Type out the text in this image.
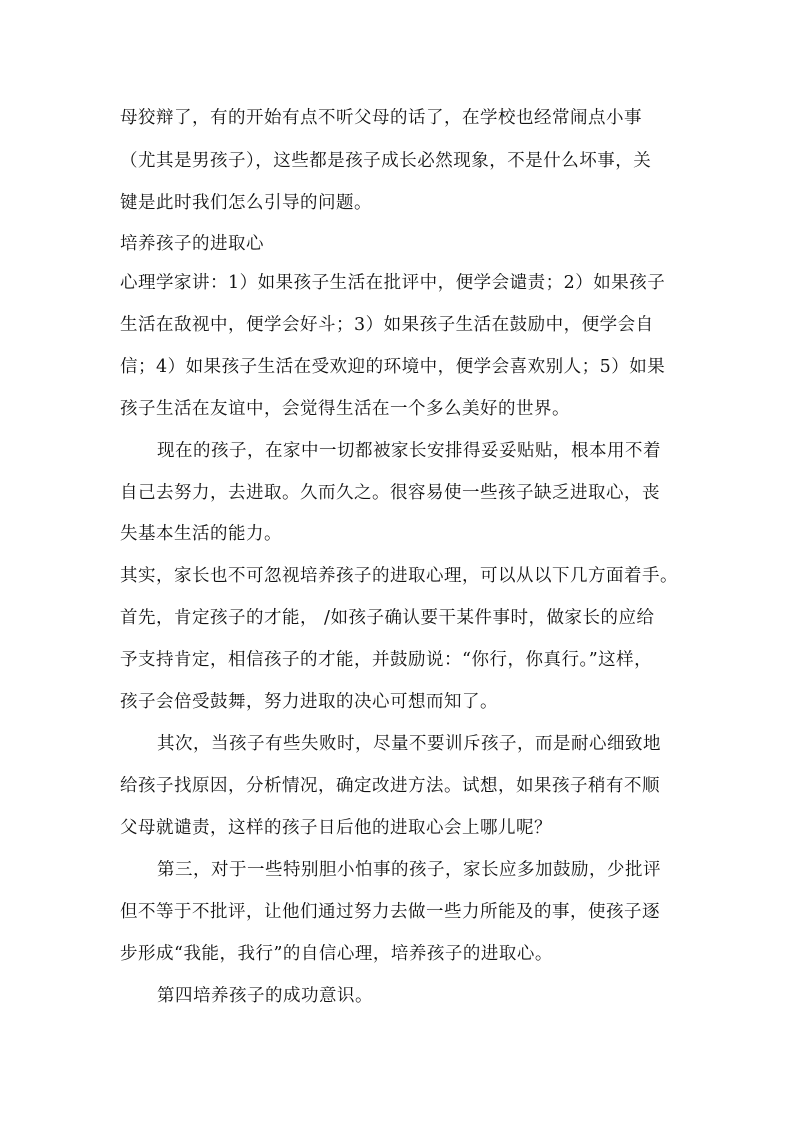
母狡辩了，有的开始有点不听父母的话了，在学校也经常闹点小事
（尤其是男孩子），这些都是孩子成长必然现象，不是什么坏事，关
键是此时我们怎么引导的问题。
培养孩子的进取心
心理学家讲：1）如果孩子生活在批评中，便学会谴责；2）如果孩子
生活在敌视中，便学会好斗；3）如果孩子生活在鼓励中，便学会自
信；4）如果孩子生活在受欢迎的环境中，便学会喜欢别人；5）如果
孩子生活在友谊中，会觉得生活在一个多么美好的世界。
现在的孩子，在家中一切都被家长安排得妥妥贴贴，根本用不着
自己去努力，去进取。久而久之。很容易使一些孩子缺乏进取心，丧
失基本生活的能力。
其实，家长也不可忽视培养孩子的进取心理，可以从以下几方面着手。
首先，肯定孩子的才能， /如孩子确认要干某件事时，做家长的应给
予支持肯定，相信孩子的才能，并鼓励说：“你行，你真行。”这样，
孩子会倍受鼓舞，努力进取的决心可想而知了。
其次，当孩子有些失败时，尽量不要训斥孩子，而是耐心细致地
给孩子找原因，分析情况，确定改进方法。试想，如果孩子稍有不顺
父母就谴责，这样的孩子日后他的进取心会上哪儿呢？
第三，对于一些特别胆小怕事的孩子，家长应多加鼓励，少批评
但不等于不批评，让他们通过努力去做一些力所能及的事，使孩子逐
步形成“我能，我行”的自信心理，培养孩子的进取心。
第四培养孩子的成功意识。
